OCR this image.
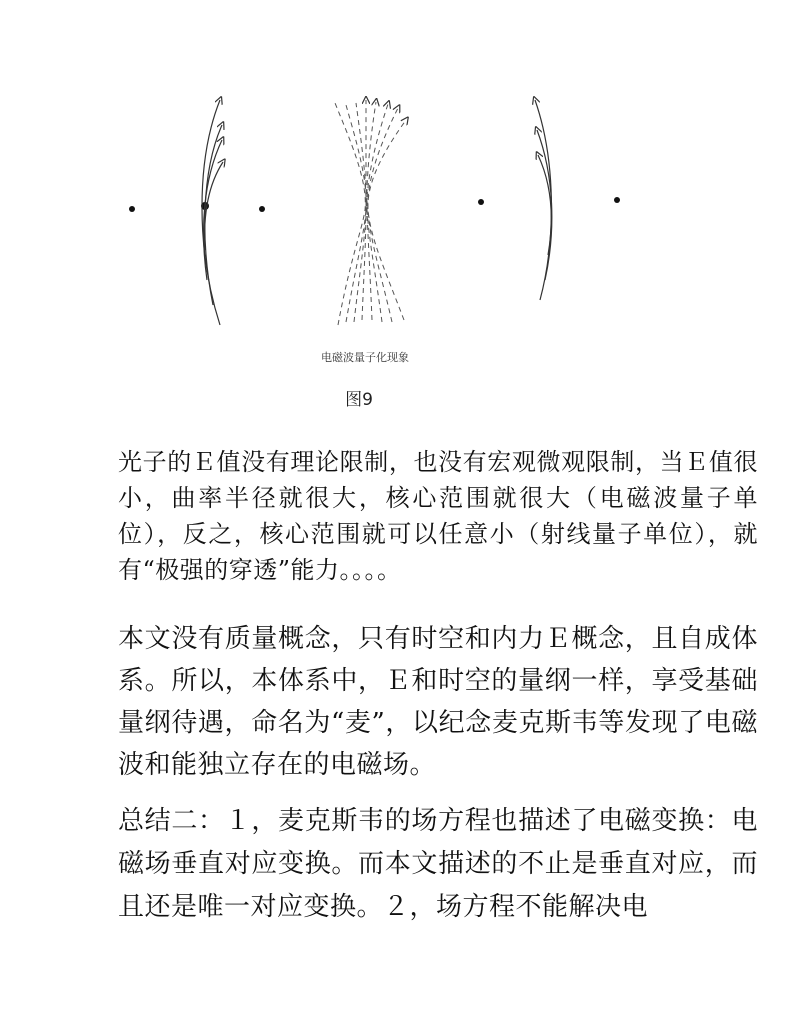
电磁波量子化现象
图9

光子的Ｅ值没有理论限制，也没有宏观微观限制，当Ｅ值很小，曲率半径就很大，核心范围就很大（电磁波量子单位），反之，核心范围就可以任意小（射线量子单位），就有“极强的穿透”能力。。。。

本文没有质量概念，只有时空和内力Ｅ概念，且自成体系。所以，本体系中，Ｅ和时空的量纲一样，享受基础量纲待遇，命名为“麦”，以纪念麦克斯韦等发现了电磁波和能独立存在的电磁场。

总结二：１，麦克斯韦的场方程也描述了电磁变换：电磁场垂直对应变换。而本文描述的不止是垂直对应，而且还是唯一对应变换。２，场方程不能解决电
